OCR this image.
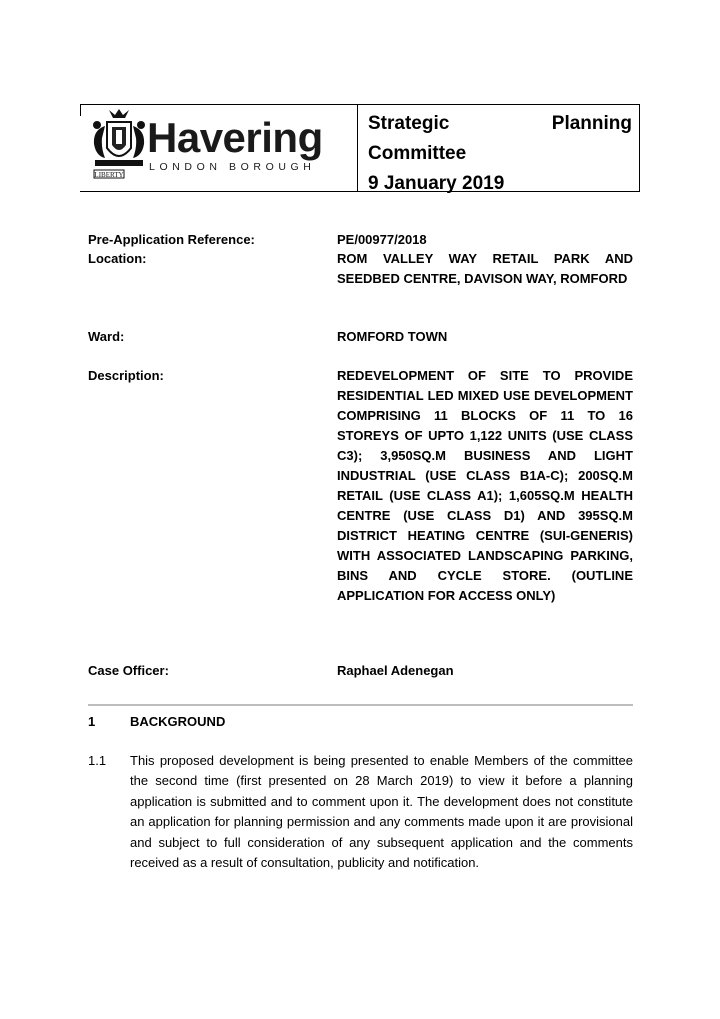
LIBERTY
Havering
LONDON BOROUGH
Strategic	Planning
Committee
9 January 2019
Pre-Application Reference:	PE/00977/2018
Location:	ROM VALLEY WAY RETAIL PARK AND SEEDBED CENTRE, DAVISON WAY, ROMFORD
Ward:	ROMFORD TOWN
Description:	REDEVELOPMENT OF SITE TO PROVIDE RESIDENTIAL LED MIXED USE DEVELOPMENT COMPRISING 11 BLOCKS OF 11 TO 16 STOREYS OF UPTO 1,122 UNITS (USE CLASS C3); 3,950SQ.M BUSINESS AND LIGHT INDUSTRIAL (USE CLASS B1A-C); 200SQ.M RETAIL (USE CLASS A1); 1,605SQ.M HEALTH CENTRE (USE CLASS D1) AND 395SQ.M DISTRICT HEATING CENTRE (SUI-GENERIS) WITH ASSOCIATED LANDSCAPING PARKING, BINS AND CYCLE STORE. (OUTLINE APPLICATION FOR ACCESS ONLY)
Case Officer:	Raphael Adenegan
1	BACKGROUND
1.1 This proposed development is being presented to enable Members of the committee the second time (first presented on 28 March 2019) to view it before a planning application is submitted and to comment upon it. The development does not constitute an application for planning permission and any comments made upon it are provisional and subject to full consideration of any subsequent application and the comments received as a result of consultation, publicity and notification.
